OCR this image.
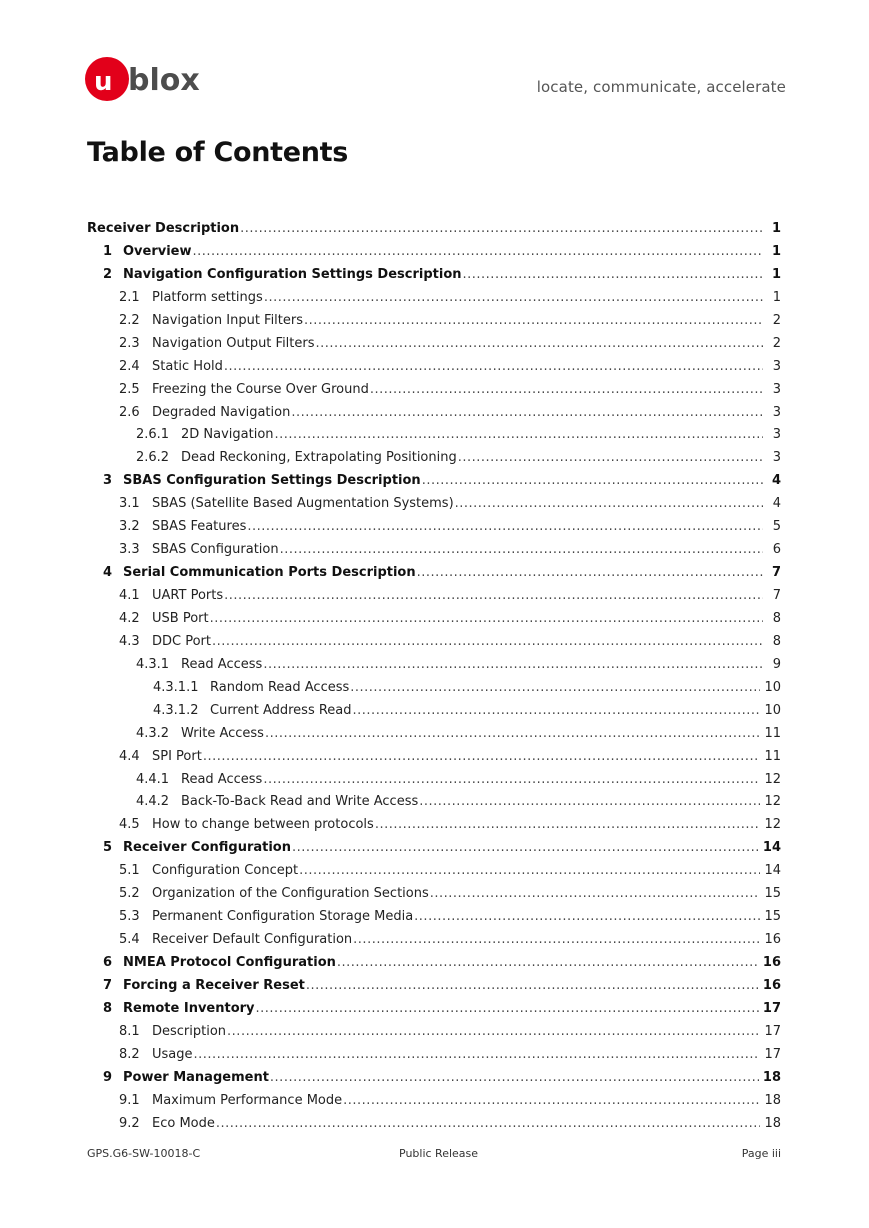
u blox	locate, communicate, accelerate
Table of Contents
Receiver Description .....	1
1 Overview .....	1
2 Navigation Configuration Settings Description .....	1
2.1 Platform settings .....	1
2.2 Navigation Input Filters .....	2
2.3 Navigation Output Filters .....	2
2.4 Static Hold .....	3
2.5 Freezing the Course Over Ground .....	3
2.6 Degraded Navigation .....	3
2.6.1 2D Navigation .....	3
2.6.2 Dead Reckoning, Extrapolating Positioning .....	3
3 SBAS Configuration Settings Description .....	4
3.1 SBAS (Satellite Based Augmentation Systems) .....	4
3.2 SBAS Features .....	5
3.3 SBAS Configuration .....	6
4 Serial Communication Ports Description .....	7
4.1 UART Ports .....	7
4.2 USB Port .....	8
4.3 DDC Port .....	8
4.3.1 Read Access .....	9
4.3.1.1 Random Read Access .....	10
4.3.1.2 Current Address Read .....	10
4.3.2 Write Access .....	11
4.4 SPI Port .....	11
4.4.1 Read Access .....	12
4.4.2 Back-To-Back Read and Write Access .....	12
4.5 How to change between protocols .....	12
5 Receiver Configuration .....	14
5.1 Configuration Concept .....	14
5.2 Organization of the Configuration Sections .....	15
5.3 Permanent Configuration Storage Media .....	15
5.4 Receiver Default Configuration .....	16
6 NMEA Protocol Configuration .....	16
7 Forcing a Receiver Reset .....	16
8 Remote Inventory .....	17
8.1 Description .....	17
8.2 Usage .....	17
9 Power Management .....	18
9.1 Maximum Performance Mode .....	18
9.2 Eco Mode .....	18
GPS.G6-SW-10018-C	Public Release	Page iii
